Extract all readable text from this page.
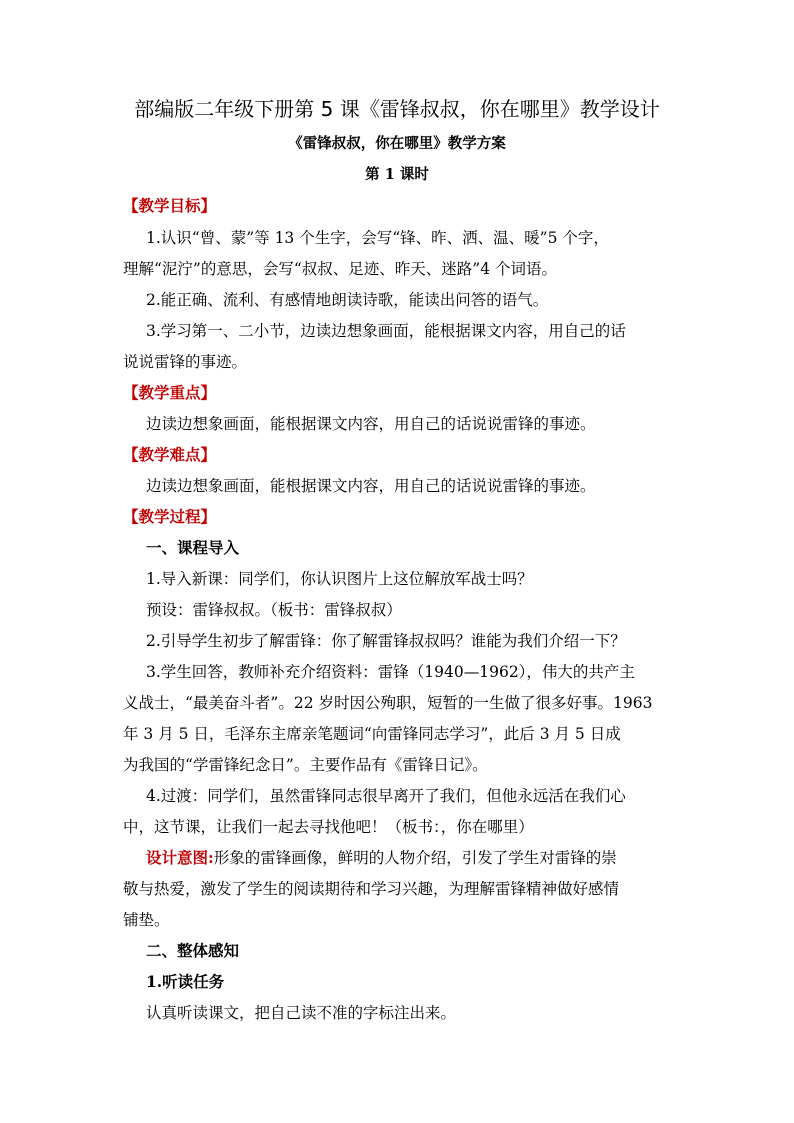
部编版二年级下册第 5 课《雷锋叔叔，你在哪里》教学设计
《雷锋叔叔，你在哪里》教学方案
第 1 课时
【教学目标】
1.认识“曾、蒙”等 13 个生字，会写“锋、昨、洒、温、暖”5 个字，
理解“泥泞”的意思，会写“叔叔、足迹、昨天、迷路”4 个词语。
2.能正确、流利、有感情地朗读诗歌，能读出问答的语气。
3.学习第一、二小节，边读边想象画面，能根据课文内容，用自己的话
说说雷锋的事迹。
【教学重点】
边读边想象画面，能根据课文内容，用自己的话说说雷锋的事迹。
【教学难点】
边读边想象画面，能根据课文内容，用自己的话说说雷锋的事迹。
【教学过程】
一、课程导入
1.导入新课：同学们，你认识图片上这位解放军战士吗？
预设：雷锋叔叔。（板书：雷锋叔叔）
2.引导学生初步了解雷锋：你了解雷锋叔叔吗？谁能为我们介绍一下？
3.学生回答，教师补充介绍资料：雷锋（1940—1962），伟大的共产主
义战士，“最美奋斗者”。22 岁时因公殉职，短暂的一生做了很多好事。1963
年 3 月 5 日，毛泽东主席亲笔题词“向雷锋同志学习”，此后 3 月 5 日成
为我国的“学雷锋纪念日”。主要作品有《雷锋日记》。
4.过渡：同学们，虽然雷锋同志很早离开了我们，但他永远活在我们心
中，这节课，让我们一起去寻找他吧！（板书：，你在哪里）
设计意图:形象的雷锋画像，鲜明的人物介绍，引发了学生对雷锋的崇
敬与热爱，激发了学生的阅读期待和学习兴趣，为理解雷锋精神做好感情
铺垫。
二、整体感知
1.听读任务
认真听读课文，把自己读不准的字标注出来。
